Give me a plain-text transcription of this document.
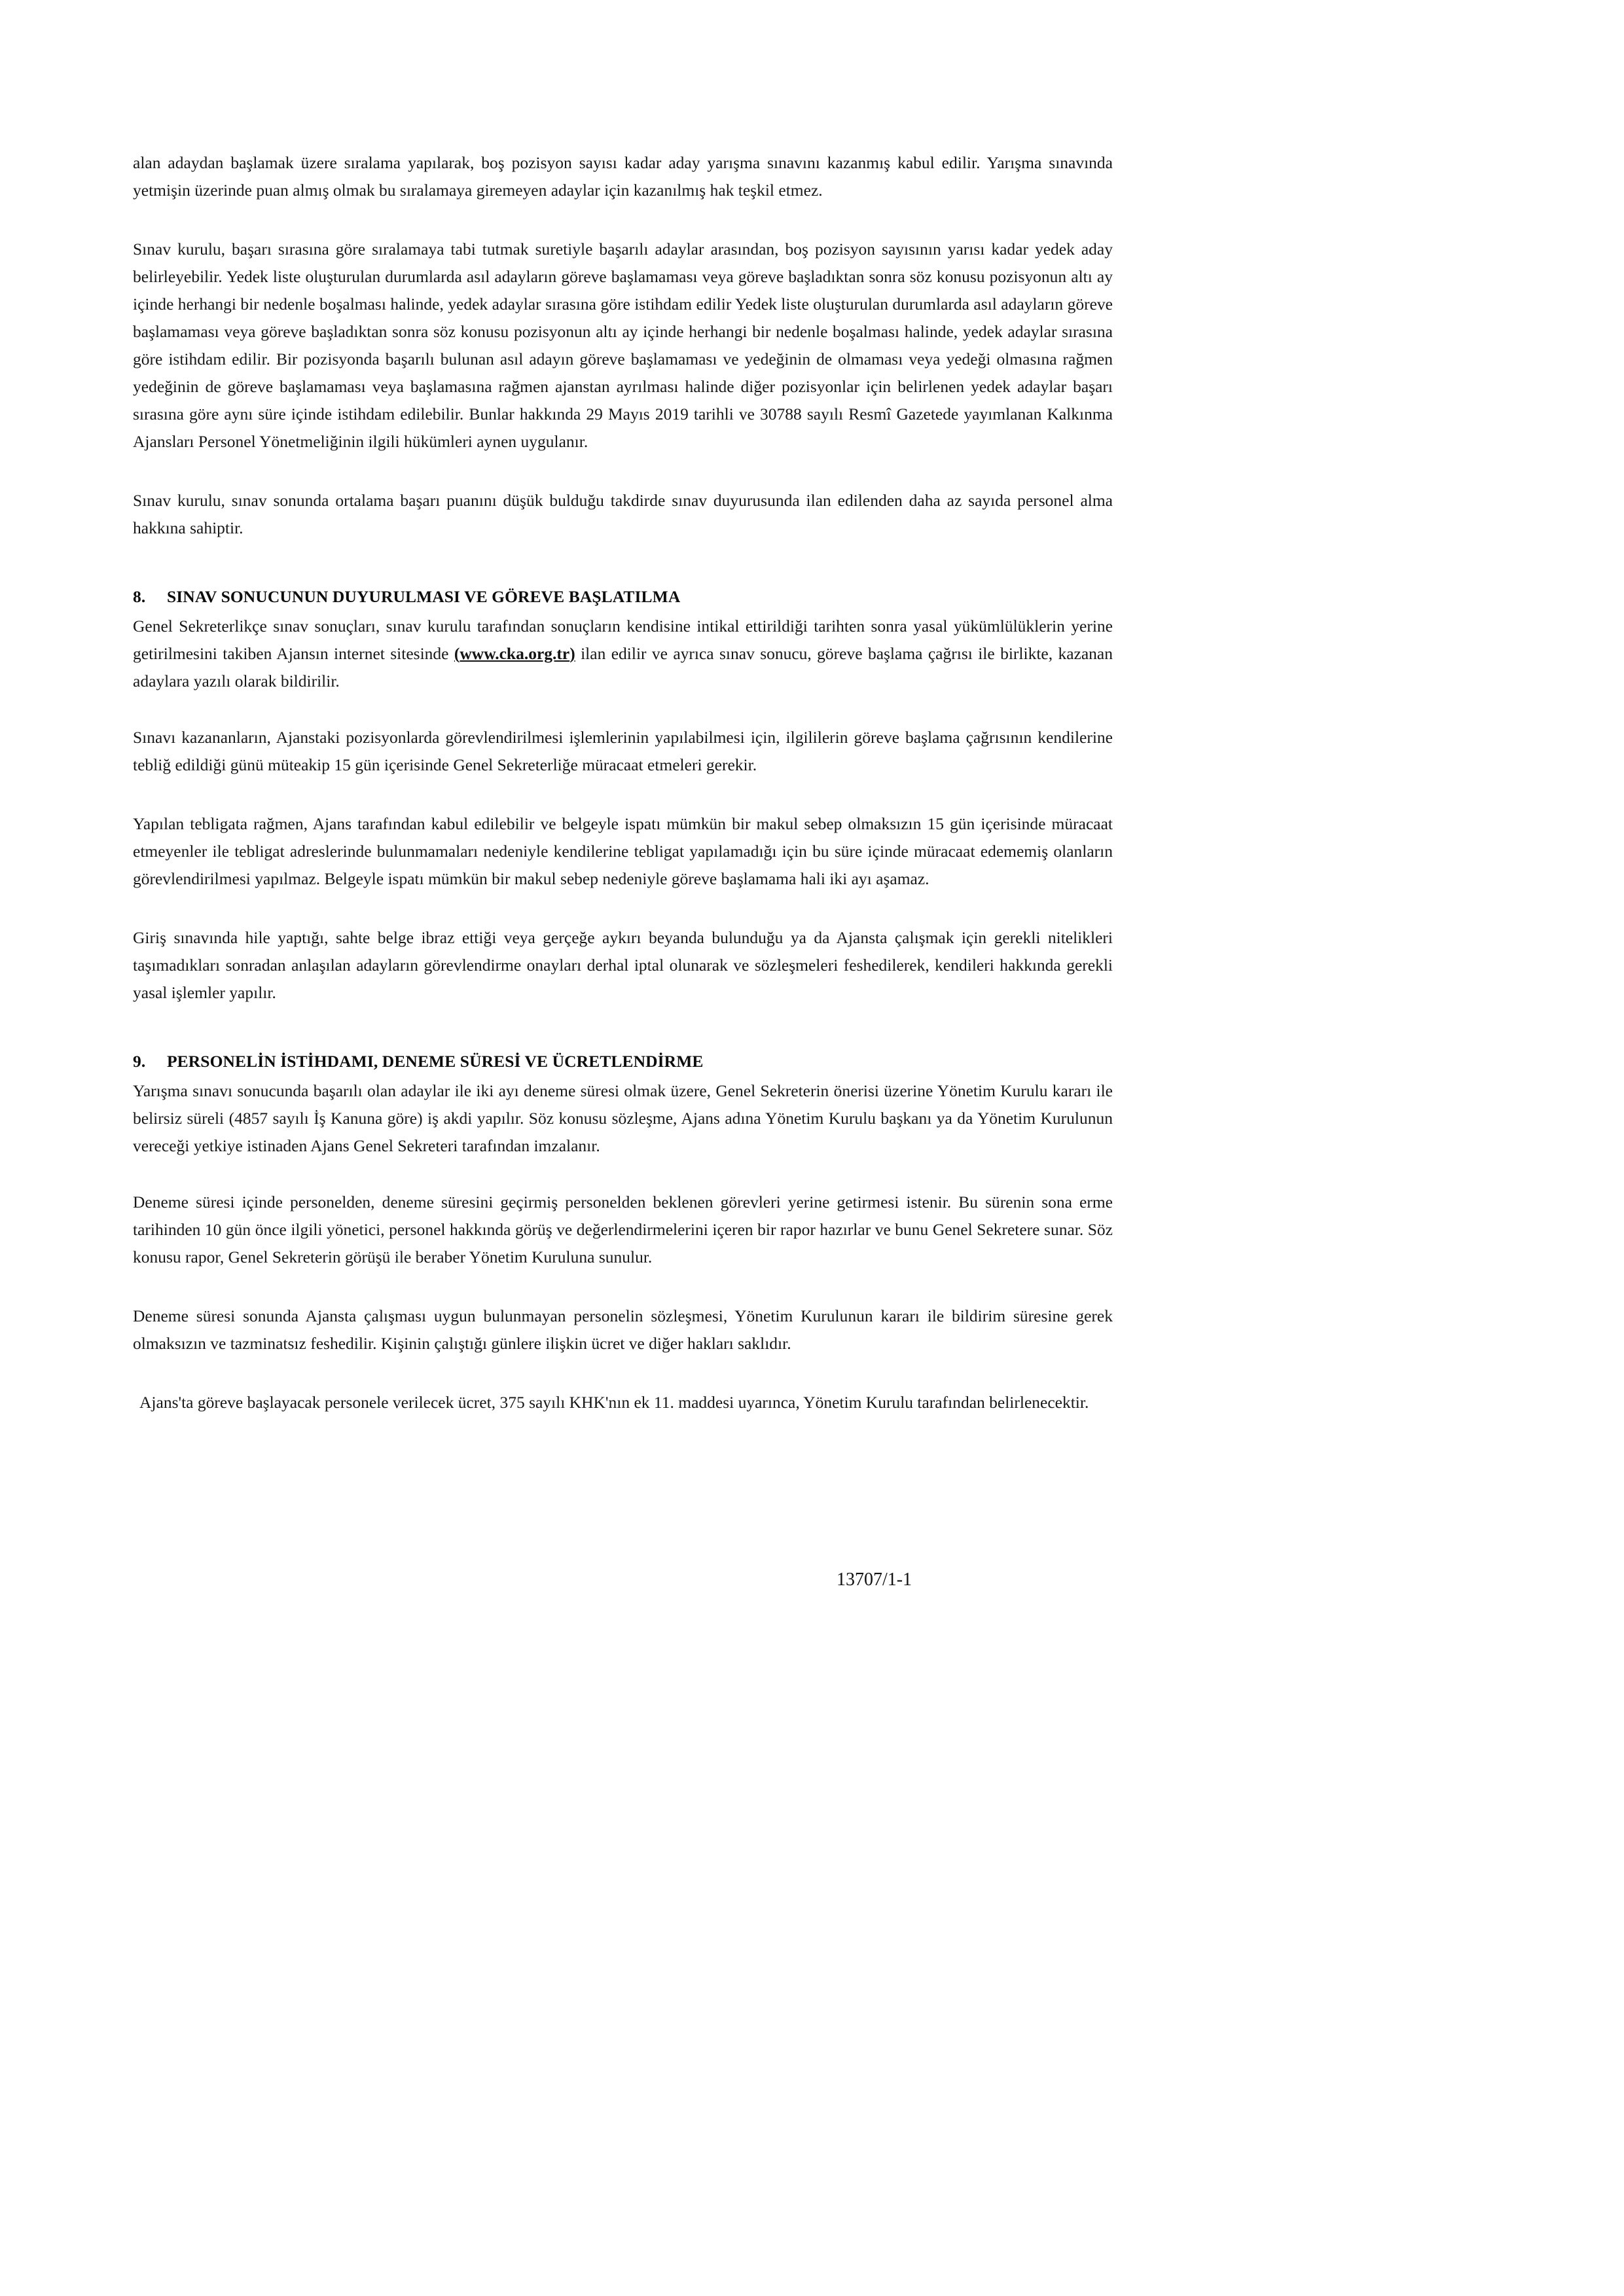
alan adaydan başlamak üzere sıralama yapılarak, boş pozisyon sayısı kadar aday yarışma sınavını kazanmış kabul edilir. Yarışma sınavında yetmişin üzerinde puan almış olmak bu sıralamaya giremeyen adaylar için kazanılmış hak teşkil etmez.

Sınav kurulu, başarı sırasına göre sıralamaya tabi tutmak suretiyle başarılı adaylar arasından, boş pozisyon sayısının yarısı kadar yedek aday belirleyebilir. Yedek liste oluşturulan durumlarda asıl adayların göreve başlamaması veya göreve başladıktan sonra söz konusu pozisyonun altı ay içinde herhangi bir nedenle boşalması halinde, yedek adaylar sırasına göre istihdam edilir Yedek liste oluşturulan durumlarda asıl adayların göreve başlamaması veya göreve başladıktan sonra söz konusu pozisyonun altı ay içinde herhangi bir nedenle boşalması halinde, yedek adaylar sırasına göre istihdam edilir. Bir pozisyonda başarılı bulunan asıl adayın göreve başlamaması ve yedeğinin de olmaması veya yedeği olmasına rağmen yedeğinin de göreve başlamaması veya başlamasına rağmen ajanstan ayrılması halinde diğer pozisyonlar için belirlenen yedek adaylar başarı sırasına göre aynı süre içinde istihdam edilebilir. Bunlar hakkında 29 Mayıs 2019 tarihli ve 30788 sayılı Resmî Gazetede yayımlanan Kalkınma Ajansları Personel Yönetmeliğinin ilgili hükümleri aynen uygulanır.

Sınav kurulu, sınav sonunda ortalama başarı puanını düşük bulduğu takdirde sınav duyurusunda ilan edilenden daha az sayıda personel alma hakkına sahiptir.

8. SINAV SONUCUNUN DUYURULMASI VE GÖREVE BAŞLATILMA

Genel Sekreterlikçe sınav sonuçları, sınav kurulu tarafından sonuçların kendisine intikal ettirildiği tarihten sonra yasal yükümlülüklerin yerine getirilmesini takiben Ajansın internet sitesinde (www.cka.org.tr) ilan edilir ve ayrıca sınav sonucu, göreve başlama çağrısı ile birlikte, kazanan adaylara yazılı olarak bildirilir.

Sınavı kazananların, Ajanstaki pozisyonlarda görevlendirilmesi işlemlerinin yapılabilmesi için, ilgililerin göreve başlama çağrısının kendilerine tebliğ edildiği günü müteakip 15 gün içerisinde Genel Sekreterliğe müracaat etmeleri gerekir.

Yapılan tebligata rağmen, Ajans tarafından kabul edilebilir ve belgeyle ispatı mümkün bir makul sebep olmaksızın 15 gün içerisinde müracaat etmeyenler ile tebligat adreslerinde bulunmamaları nedeniyle kendilerine tebligat yapılamadığı için bu süre içinde müracaat edememiş olanların görevlendirilmesi yapılmaz. Belgeyle ispatı mümkün bir makul sebep nedeniyle göreve başlamama hali iki ayı aşamaz.

Giriş sınavında hile yaptığı, sahte belge ibraz ettiği veya gerçeğe aykırı beyanda bulunduğu ya da Ajansta çalışmak için gerekli nitelikleri taşımadıkları sonradan anlaşılan adayların görevlendirme onayları derhal iptal olunarak ve sözleşmeleri feshedilerek, kendileri hakkında gerekli yasal işlemler yapılır.

9. PERSONELİN İSTİHDAMI, DENEME SÜRESİ VE ÜCRETLENDİRME

Yarışma sınavı sonucunda başarılı olan adaylar ile iki ayı deneme süresi olmak üzere, Genel Sekreterin önerisi üzerine Yönetim Kurulu kararı ile belirsiz süreli (4857 sayılı İş Kanuna göre) iş akdi yapılır. Söz konusu sözleşme, Ajans adına Yönetim Kurulu başkanı ya da Yönetim Kurulunun vereceği yetkiye istinaden Ajans Genel Sekreteri tarafından imzalanır.

Deneme süresi içinde personelden, deneme süresini geçirmiş personelden beklenen görevleri yerine getirmesi istenir. Bu sürenin sona erme tarihinden 10 gün önce ilgili yönetici, personel hakkında görüş ve değerlendirmelerini içeren bir rapor hazırlar ve bunu Genel Sekretere sunar. Söz konusu rapor, Genel Sekreterin görüşü ile beraber Yönetim Kuruluna sunulur.

Deneme süresi sonunda Ajansta çalışması uygun bulunmayan personelin sözleşmesi, Yönetim Kurulunun kararı ile bildirim süresine gerek olmaksızın ve tazminatsız feshedilir. Kişinin çalıştığı günlere ilişkin ücret ve diğer hakları saklıdır.

Ajans'ta göreve başlayacak personele verilecek ücret, 375 sayılı KHK'nın ek 11. maddesi uyarınca, Yönetim Kurulu tarafından belirlenecektir.

13707/1-1
